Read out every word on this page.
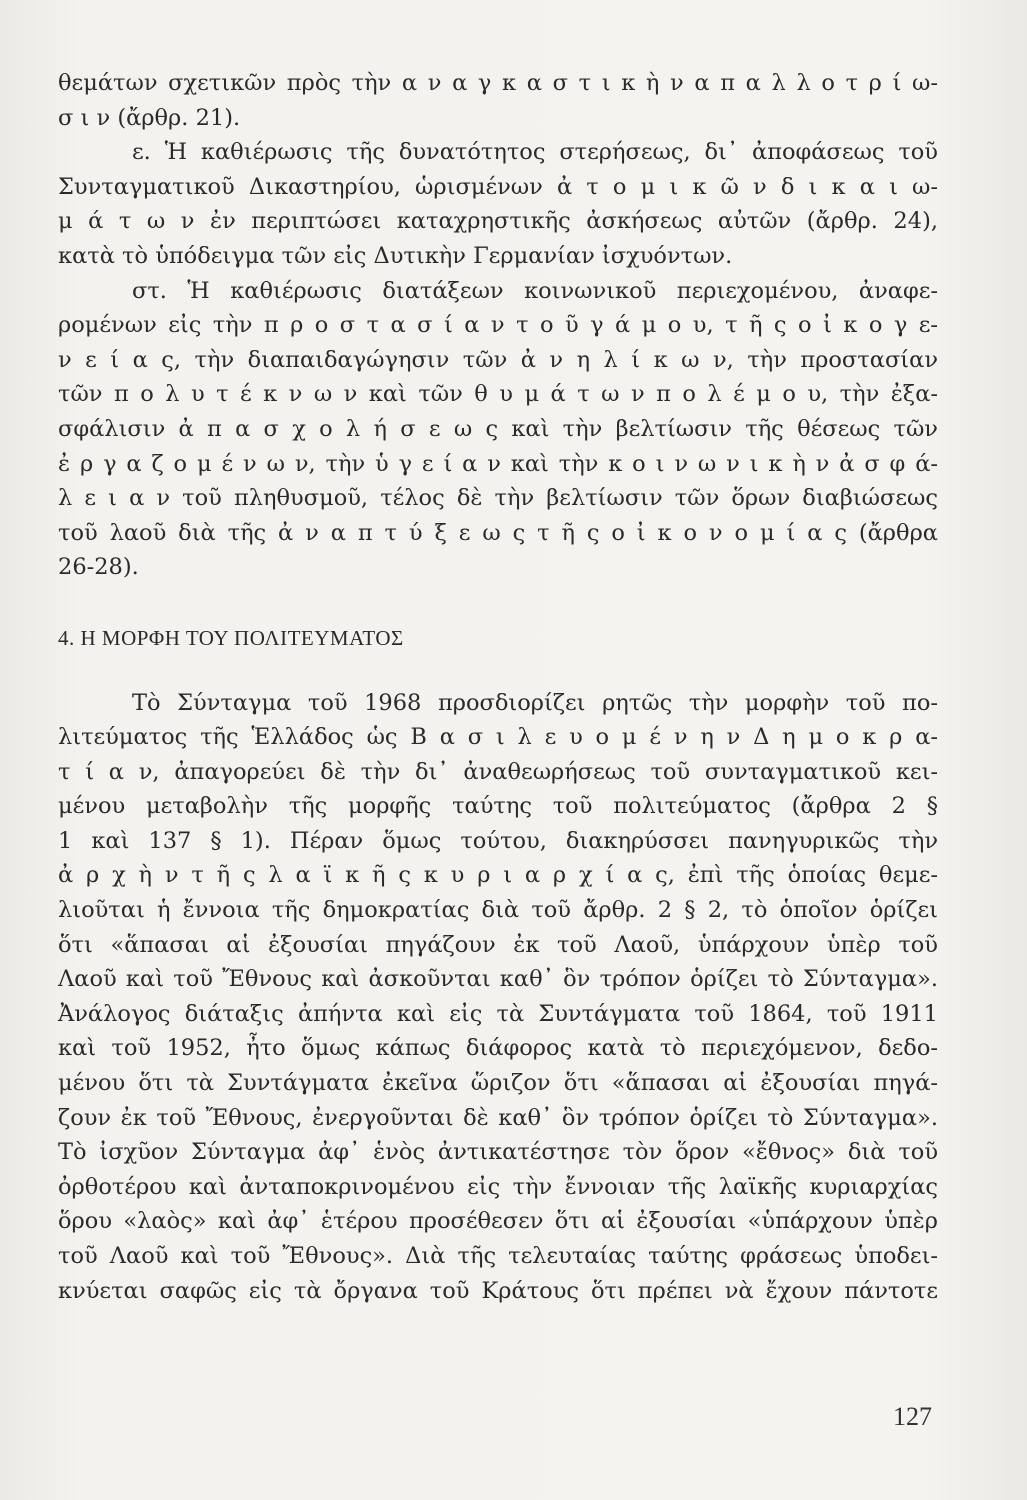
θεμάτων σχετικῶν πρὸς τὴν α ν α γ κ α σ τ ι κ ὴ ν α π α λ λ ο τ ρ ί ω-
σ ι ν (ἄρθρ. 21).
ε. Ἡ καθιέρωσις τῆς δυνατότητος στερήσεως, δι᾽ ἀποφάσεως τοῦ
Συνταγματικοῦ Δικαστηρίου, ὡρισμένων ἀ τ ο μ ι κ ῶ ν δ ι κ α ι ω-
μ ά τ ω ν ἐν περιπτώσει καταχρηστικῆς ἀσκήσεως αὐτῶν (ἄρθρ. 24),
κατὰ τὸ ὑπόδειγμα τῶν εἰς Δυτικὴν Γερμανίαν ἰσχυόντων.
στ. Ἡ καθιέρωσις διατάξεων κοινωνικοῦ περιεχομένου, ἀναφε-
ρομένων εἰς τὴν π ρ ο σ τ α σ ί α ν τ ο ῦ γ ά μ ο υ, τ ῆ ς ο ἰ κ ο γ ε-
ν ε ί α ς, τὴν διαπαιδαγώγησιν τῶν ἀ ν η λ ί κ ω ν, τὴν προστασίαν
τῶν π ο λ υ τ έ κ ν ω ν καὶ τῶν θ υ μ ά τ ω ν π ο λ έ μ ο υ, τὴν ἐξα-
σφάλισιν ἀ π α σ χ ο λ ή σ ε ω ς καὶ τὴν βελτίωσιν τῆς θέσεως τῶν
ἐ ρ γ α ζ ο μ έ ν ω ν, τὴν ὑ γ ε ί α ν καὶ τὴν κ ο ι ν ω ν ι κ ὴ ν ἀ σ φ ά-
λ ε ι α ν τοῦ πληθυσμοῦ, τέλος δὲ τὴν βελτίωσιν τῶν ὅρων διαβιώσεως
τοῦ λαοῦ διὰ τῆς ἀ ν α π τ ύ ξ ε ω ς τ ῆ ς ο ἰ κ ο ν ο μ ί α ς (ἄρθρα
26-28).
4. Η ΜΟΡΦΗ ΤΟΥ ΠΟΛΙΤΕΥΜΑΤΟΣ
Τὸ Σύνταγμα τοῦ 1968 προσδιορίζει ρητῶς τὴν μορφὴν τοῦ πο-
λιτεύματος τῆς Ἑλλάδος ὡς Β α σ ι λ ε υ ο μ έ ν η ν Δ η μ ο κ ρ α-
τ ί α ν, ἀπαγορεύει δὲ τὴν δι᾽ ἀναθεωρήσεως τοῦ συνταγματικοῦ κει-
μένου μεταβολὴν τῆς μορφῆς ταύτης τοῦ πολιτεύματος (ἄρθρα 2 §
1 καὶ 137 § 1). Πέραν ὅμως τούτου, διακηρύσσει πανηγυρικῶς τὴν
ἀ ρ χ ὴ ν τ ῆ ς λ α ϊ κ ῆ ς κ υ ρ ι α ρ χ ί α ς, ἐπὶ τῆς ὁποίας θεμε-
λιοῦται ἡ ἔννοια τῆς δημοκρατίας διὰ τοῦ ἄρθρ. 2 § 2, τὸ ὁποῖον ὁρίζει
ὅτι «ἅπασαι αἱ ἐξουσίαι πηγάζουν ἐκ τοῦ Λαοῦ, ὑπάρχουν ὑπὲρ τοῦ
Λαοῦ καὶ τοῦ Ἔθνους καὶ ἀσκοῦνται καθ᾽ ὃν τρόπον ὁρίζει τὸ Σύνταγμα».
Ἀνάλογος διάταξις ἀπήντα καὶ εἰς τὰ Συντάγματα τοῦ 1864, τοῦ 1911
καὶ τοῦ 1952, ἦτο ὅμως κάπως διάφορος κατὰ τὸ περιεχόμενον, δεδο-
μένου ὅτι τὰ Συντάγματα ἐκεῖνα ὥριζον ὅτι «ἅπασαι αἱ ἐξουσίαι πηγά-
ζουν ἐκ τοῦ Ἔθνους, ἐνεργοῦνται δὲ καθ᾽ ὃν τρόπον ὁρίζει τὸ Σύνταγμα».
Τὸ ἰσχῦον Σύνταγμα ἀφ᾽ ἑνὸς ἀντικατέστησε τὸν ὅρον «ἔθνος» διὰ τοῦ
ὀρθοτέρου καὶ ἀνταποκρινομένου εἰς τὴν ἔννοιαν τῆς λαϊκῆς κυριαρχίας
ὅρου «λαὸς» καὶ ἀφ᾽ ἑτέρου προσέθεσεν ὅτι αἱ ἐξουσίαι «ὑπάρχουν ὑπὲρ
τοῦ Λαοῦ καὶ τοῦ Ἔθνους». Διὰ τῆς τελευταίας ταύτης φράσεως ὑποδει-
κνύεται σαφῶς εἰς τὰ ὄργανα τοῦ Κράτους ὅτι πρέπει νὰ ἔχουν πάντοτε
127
